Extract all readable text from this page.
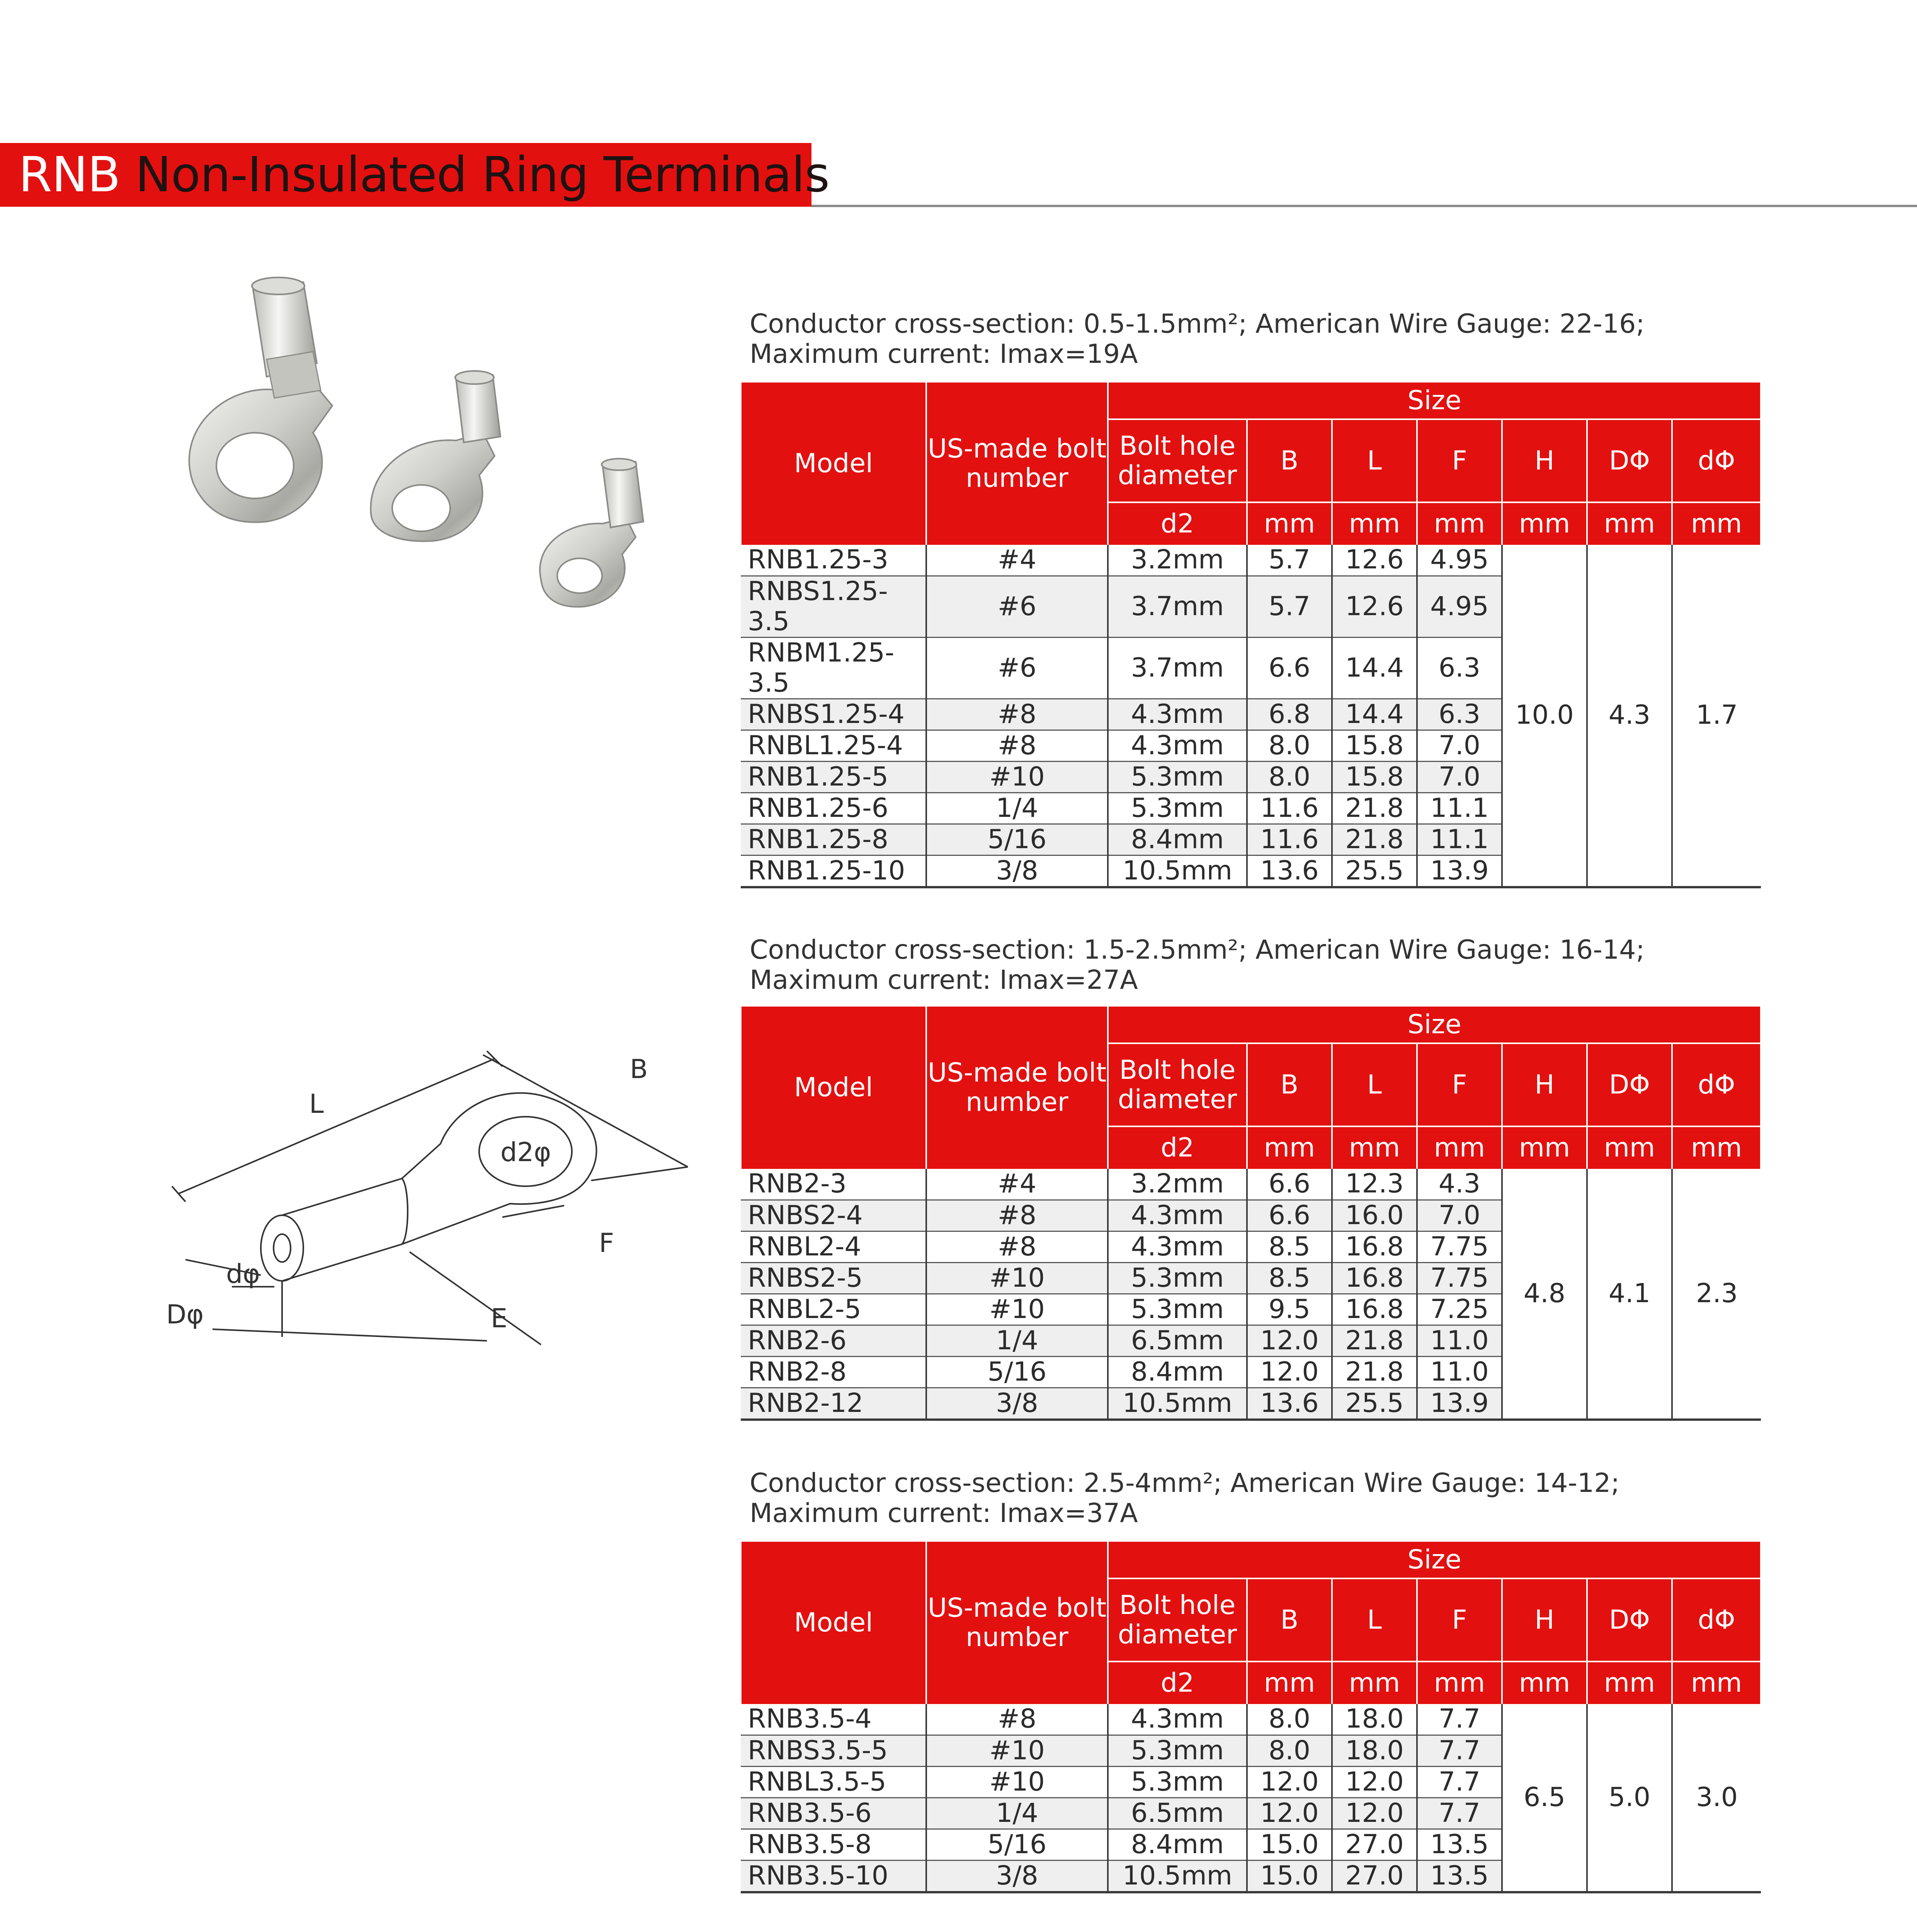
RNB Non-Insulated Ring Terminals
L
B
d2φ
F
E
dφ
Dφ
Conductor cross-section: 0.5-1.5mm²; American Wire Gauge: 22-16;
Maximum current: Imax=19A
Model	US-made bolt number	Size						
		Bolt hole diameter	B	L	F	H	DΦ	dΦ
		d2	mm	mm	mm	mm	mm	mm
RNB1.25-3	#4	3.2mm	5.7	12.6	4.95	10.0	4.3	1.7
RNBS1.25-3.5	#6	3.7mm	5.7	12.6	4.95			
RNBM1.25-3.5	#6	3.7mm	6.6	14.4	6.3			
RNBS1.25-4	#8	4.3mm	6.8	14.4	6.3			
RNBL1.25-4	#8	4.3mm	8.0	15.8	7.0			
RNB1.25-5	#10	5.3mm	8.0	15.8	7.0			
RNB1.25-6	1/4	5.3mm	11.6	21.8	11.1			
RNB1.25-8	5/16	8.4mm	11.6	21.8	11.1			
RNB1.25-10	3/8	10.5mm	13.6	25.5	13.9			
Conductor cross-section: 1.5-2.5mm²; American Wire Gauge: 16-14;
Maximum current: Imax=27A
Model	US-made bolt number	Size						
		Bolt hole diameter	B	L	F	H	DΦ	dΦ
		d2	mm	mm	mm	mm	mm	mm
RNB2-3	#4	3.2mm	6.6	12.3	4.3	4.8	4.1	2.3
RNBS2-4	#8	4.3mm	6.6	16.0	7.0			
RNBL2-4	#8	4.3mm	8.5	16.8	7.75			
RNBS2-5	#10	5.3mm	8.5	16.8	7.75			
RNBL2-5	#10	5.3mm	9.5	16.8	7.25			
RNB2-6	1/4	6.5mm	12.0	21.8	11.0			
RNB2-8	5/16	8.4mm	12.0	21.8	11.0			
RNB2-12	3/8	10.5mm	13.6	25.5	13.9			
Conductor cross-section: 2.5-4mm²; American Wire Gauge: 14-12;
Maximum current: Imax=37A
Model	US-made bolt number	Size						
		Bolt hole diameter	B	L	F	H	DΦ	dΦ
		d2	mm	mm	mm	mm	mm	mm
RNB3.5-4	#8	4.3mm	8.0	18.0	7.7	6.5	5.0	3.0
RNBS3.5-5	#10	5.3mm	8.0	18.0	7.7			
RNBL3.5-5	#10	5.3mm	12.0	12.0	7.7			
RNB3.5-6	1/4	6.5mm	12.0	12.0	7.7			
RNB3.5-8	5/16	8.4mm	15.0	27.0	13.5			
RNB3.5-10	3/8	10.5mm	15.0	27.0	13.5			
